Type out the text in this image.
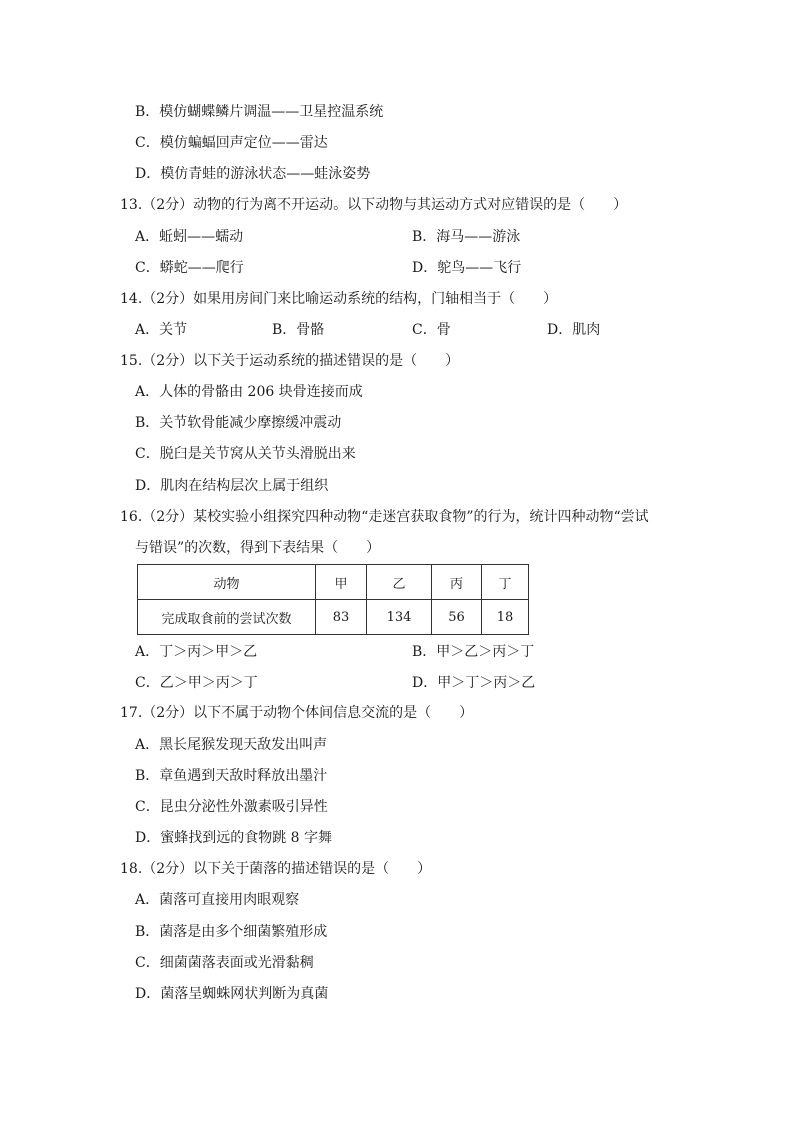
B．模仿蝴蝶鳞片调温——卫星控温系统
C．模仿蝙蝠回声定位——雷达
D．模仿青蛙的游泳状态——蛙泳姿势
13.（2分）动物的行为离不开运动。以下动物与其运动方式对应错误的是（　　）
A．蚯蚓——蠕动	B．海马——游泳
C．蟒蛇——爬行	D．鸵鸟——飞行
14.（2分）如果用房间门来比喻运动系统的结构，门轴相当于（　　）
A．关节	B．骨骼	C．骨	D．肌肉
15.（2分）以下关于运动系统的描述错误的是（　　）
A．人体的骨骼由 206 块骨连接而成
B．关节软骨能减少摩擦缓冲震动
C．脱臼是关节窝从关节头滑脱出来
D．肌肉在结构层次上属于组织
16.（2分）某校实验小组探究四种动物“走迷宫获取食物”的行为，统计四种动物“尝试
与错误”的次数，得到下表结果（　　）
动物	甲	乙	丙	丁
完成取食前的尝试次数	83	134	56	18
A．丁＞丙＞甲＞乙	B．甲＞乙＞丙＞丁
C．乙＞甲＞丙＞丁	D．甲＞丁＞丙＞乙
17.（2分）以下不属于动物个体间信息交流的是（　　）
A．黑长尾猴发现天敌发出叫声
B．章鱼遇到天敌时释放出墨汁
C．昆虫分泌性外激素吸引异性
D．蜜蜂找到远的食物跳 8 字舞
18.（2分）以下关于菌落的描述错误的是（　　）
A．菌落可直接用肉眼观察
B．菌落是由多个细菌繁殖形成
C．细菌菌落表面或光滑黏稠
D．菌落呈蜘蛛网状判断为真菌
